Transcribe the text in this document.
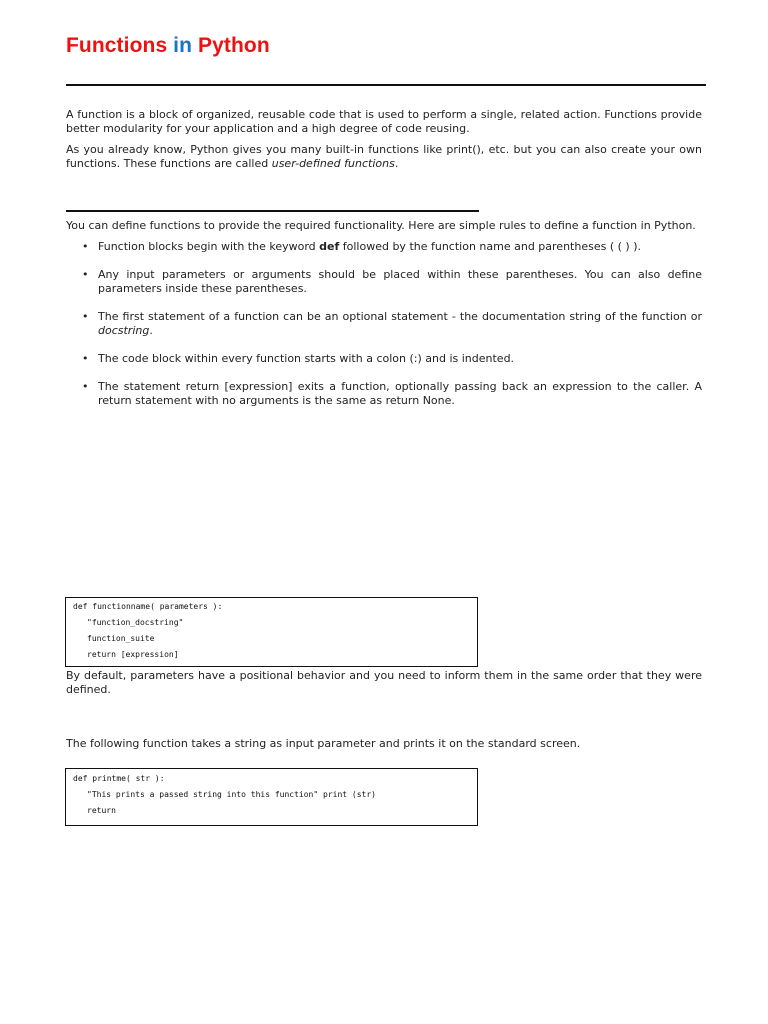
Functions in Python

A function is a block of organized, reusable code that is used to perform a single, related action. Functions provide better modularity for your application and a high degree of code reusing.

As you already know, Python gives you many built-in functions like print(), etc. but you can also create your own functions. These functions are called user-defined functions.

You can define functions to provide the required functionality. Here are simple rules to define a function in Python.

• Function blocks begin with the keyword def followed by the function name and parentheses ( ( ) ).
• Any input parameters or arguments should be placed within these parentheses. You can also define parameters inside these parentheses.
• The first statement of a function can be an optional statement - the documentation string of the function or docstring.
• The code block within every function starts with a colon (:) and is indented.
• The statement return [expression] exits a function, optionally passing back an expression to the caller. A return statement with no arguments is the same as return None.
def functionname( parameters ):
"function_docstring"
function_suite
return [expression]

By default, parameters have a positional behavior and you need to inform them in the same order that they were defined.

The following function takes a string as input parameter and prints it on the standard screen.

def printme( str ):
"This prints a passed string into this function" print (str)
return
